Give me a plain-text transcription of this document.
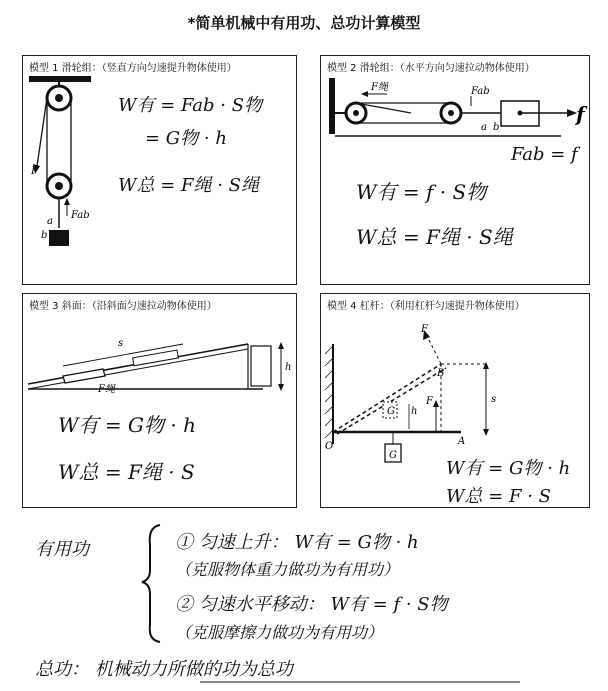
*简单机械中有用功、总功计算模型
模型 1 滑轮组：（竖直方向匀速提升物体使用）
F
a
b
Fab
W有 = Fab · S物
= G物 · h
W总 = F绳 · S绳
模型 2 滑轮组：（水平方向匀速拉动物体使用）
F绳	Fab
a b
f
Fab = f
W有 = f · S物
W总 = F绳 · S绳
模型 3 斜面：（沿斜面匀速拉动物体使用）
s
h
F绳
W有 = G物 · h
W总 = F绳 · S
模型 4 杠杆：（利用杠杆匀速提升物体使用）
F
B
F
A
O
G
G
h
s
W有 = G物 · h
W总 = F · S
有用功	① 匀速上升： W有 = G物 · h
（克服物体重力做功为有用功）
② 匀速水平移动： W有 = f · S物
（克服摩擦力做功为有用功）
总功： 机械动力所做的功为总功
